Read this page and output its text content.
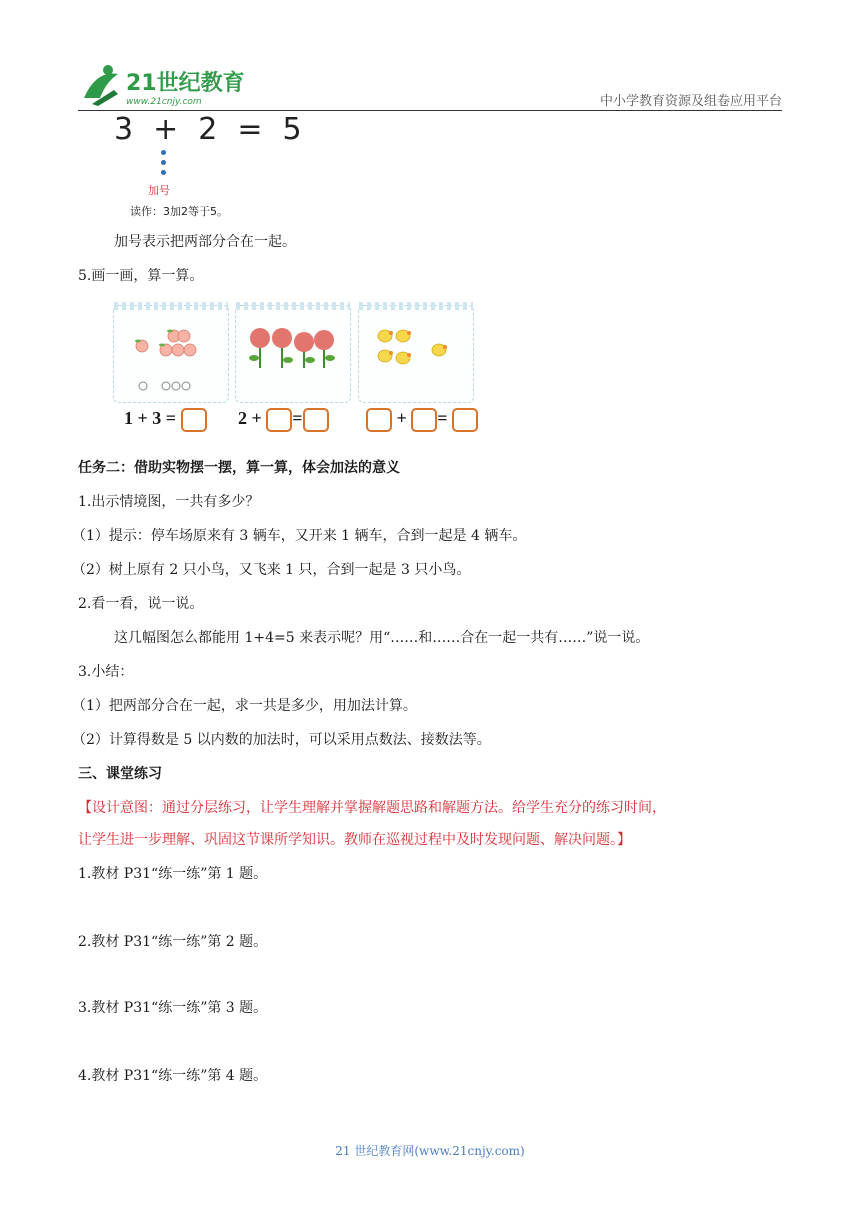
21世纪教育
www.21cnjy.com	中小学教育资源及组卷应用平台
3 + 2 = 5
加号
读作：3加2等于5。
加号表示把两部分合在一起。
5.画一画，算一算。
1 + 3 =	2 + =	+ =
任务二：借助实物摆一摆，算一算，体会加法的意义
1.出示情境图，一共有多少？
（1）提示：停车场原来有 3 辆车，又开来 1 辆车，合到一起是 4 辆车。
（2）树上原有 2 只小鸟，又飞来 1 只，合到一起是 3 只小鸟。
2.看一看，说一说。
这几幅图怎么都能用 1+4=5 来表示呢？用“……和……合在一起一共有……”说一说。
3.小结：
（1）把两部分合在一起，求一共是多少，用加法计算。
（2）计算得数是 5 以内数的加法时，可以采用点数法、接数法等。
三、课堂练习
【设计意图：通过分层练习，让学生理解并掌握解题思路和解题方法。给学生充分的练习时间，
让学生进一步理解、巩固这节课所学知识。教师在巡视过程中及时发现问题、解决问题。】
1.教材 P31“练一练”第 1 题。
2.教材 P31“练一练”第 2 题。
3.教材 P31“练一练”第 3 题。
4.教材 P31“练一练”第 4 题。
21 世纪教育网(www.21cnjy.com)
